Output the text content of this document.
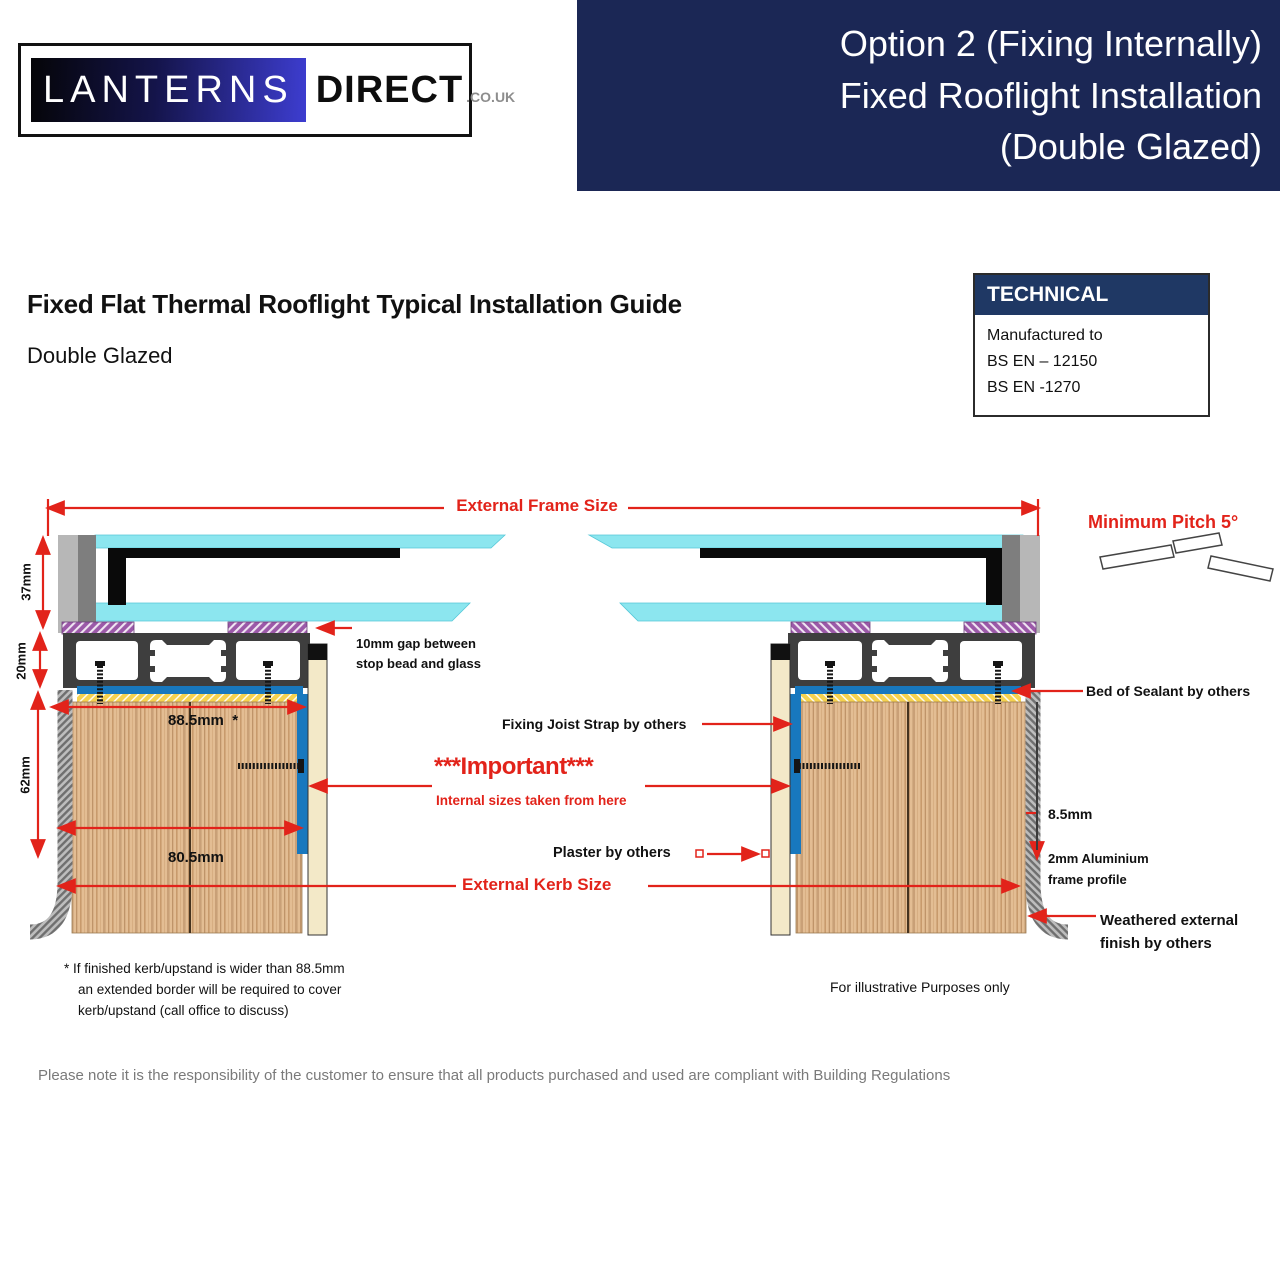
LANTERNS DIRECT .CO.UK
Option 2 (Fixing Internally)
Fixed Rooflight Installation
(Double Glazed)
Fixed Flat Thermal Rooflight Typical Installation Guide
Double Glazed
TECHNICAL
Manufactured to
BS EN – 12150
BS EN -1270
External Frame Size
Minimum Pitch 5°
37mm
20mm
62mm
88.5mm  *
80.5mm
10mm gap between
stop bead and glass
Fixing Joist Strap by others
***Important***
Internal sizes taken from here
Plaster by others
External Kerb Size
Bed of Sealant by others
8.5mm
2mm Aluminium
frame profile
Weathered external
finish by others
For illustrative Purposes only
* If finished kerb/upstand is wider than 88.5mm
an extended border will be required to cover
kerb/upstand (call office to discuss)
Please note it is the responsibility of the customer to ensure that all products purchased and used are compliant with Building Regulations
